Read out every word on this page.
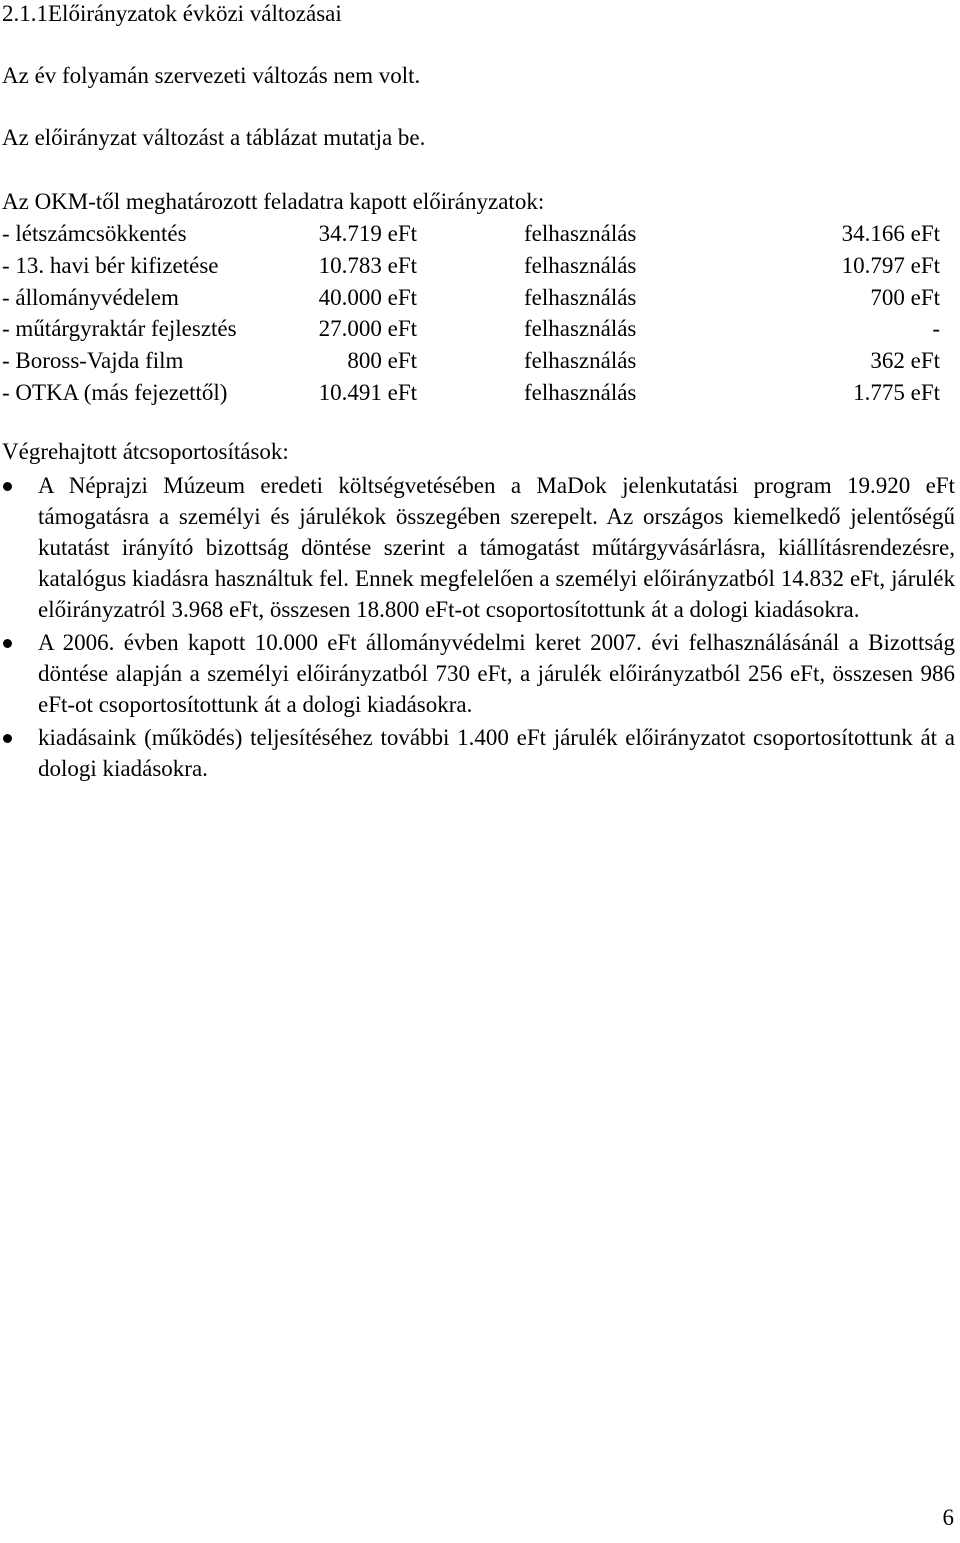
2.1.1Előirányzatok évközi változásai
Az év folyamán szervezeti változás nem volt.
Az előirányzat változást a táblázat mutatja be.
Az OKM-től meghatározott feladatra kapott előirányzatok:
- létszámcsökkentés	34.719 eFt	felhasználás	34.166 eFt
- 13. havi bér kifizetése	10.783 eFt	felhasználás	10.797 eFt
- állományvédelem	40.000 eFt	felhasználás	700 eFt
- műtárgyraktár fejlesztés	27.000 eFt	felhasználás	-
- Boross-Vajda film	800 eFt	felhasználás	362 eFt
- OTKA (más fejezettől)	10.491 eFt	felhasználás	1.775 eFt
Végrehajtott átcsoportosítások:
A Néprajzi Múzeum eredeti költségvetésében a MaDok jelenkutatási program 19.920 eFt támogatásra a személyi és járulékok összegében szerepelt. Az országos kiemelkedő jelentőségű kutatást irányító bizottság döntése szerint a támogatást műtárgyvásárlásra, kiállításrendezésre, katalógus kiadásra használtuk fel. Ennek megfelelően a személyi előirányzatból 14.832 eFt, járulék előirányzatról 3.968 eFt, összesen 18.800 eFt-ot csoportosítottunk át a dologi kiadásokra.
A 2006. évben kapott 10.000 eFt állományvédelmi keret 2007. évi felhasználásánál a Bizottság döntése alapján a személyi előirányzatból 730 eFt, a járulék előirányzatból 256 eFt, összesen 986 eFt-ot csoportosítottunk át a dologi kiadásokra.
kiadásaink (működés) teljesítéséhez további 1.400 eFt járulék előirányzatot csoportosítottunk át a dologi kiadásokra.
6
